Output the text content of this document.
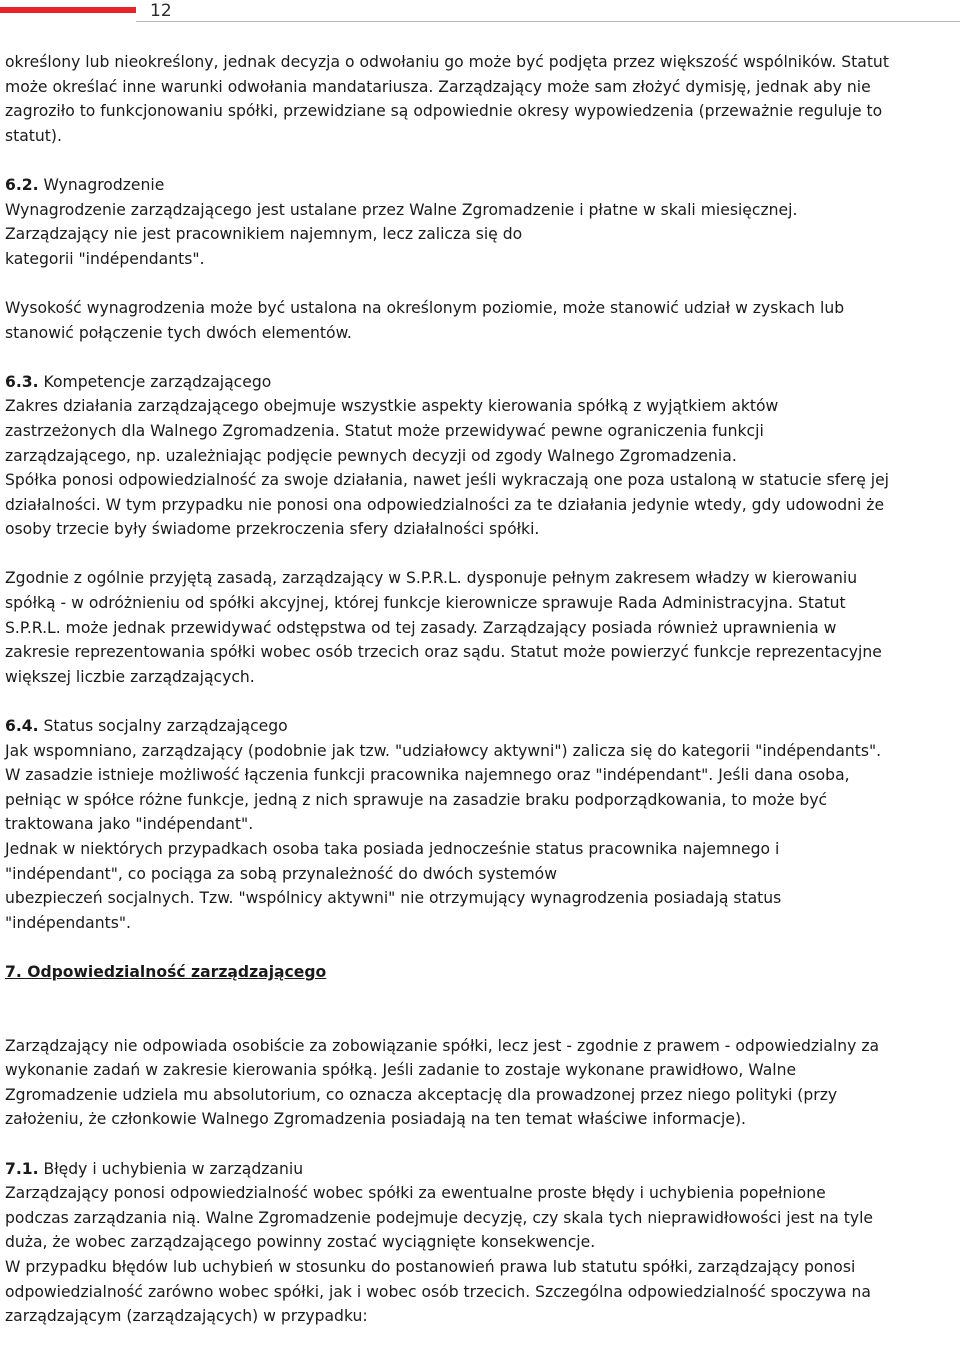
12
określony lub nieokreślony, jednak decyzja o odwołaniu go może być podjęta przez większość wspólników. Statut
może określać inne warunki odwołania mandatariusza. Zarządzający może sam złożyć dymisję, jednak aby nie
zagroziło to funkcjonowaniu spółki, przewidziane są odpowiednie okresy wypowiedzenia (przeważnie reguluje to
statut).
6.2. Wynagrodzenie
Wynagrodzenie zarządzającego jest ustalane przez Walne Zgromadzenie i płatne w skali miesięcznej.
Zarządzający nie jest pracownikiem najemnym, lecz zalicza się do
kategorii "indépendants".
Wysokość wynagrodzenia może być ustalona na określonym poziomie, może stanowić udział w zyskach lub
stanowić połączenie tych dwóch elementów.
6.3. Kompetencje zarządzającego
Zakres działania zarządzającego obejmuje wszystkie aspekty kierowania spółką z wyjątkiem aktów
zastrzeżonych dla Walnego Zgromadzenia. Statut może przewidywać pewne ograniczenia funkcji
zarządzającego, np. uzależniając podjęcie pewnych decyzji od zgody Walnego Zgromadzenia.
Spółka ponosi odpowiedzialność za swoje działania, nawet jeśli wykraczają one poza ustaloną w statucie sferę jej
działalności. W tym przypadku nie ponosi ona odpowiedzialności za te działania jedynie wtedy, gdy udowodni że
osoby trzecie były świadome przekroczenia sfery działalności spółki.
Zgodnie z ogólnie przyjętą zasadą, zarządzający w S.P.R.L. dysponuje pełnym zakresem władzy w kierowaniu
spółką - w odróżnieniu od spółki akcyjnej, której funkcje kierownicze sprawuje Rada Administracyjna. Statut
S.P.R.L. może jednak przewidywać odstępstwa od tej zasady. Zarządzający posiada również uprawnienia w
zakresie reprezentowania spółki wobec osób trzecich oraz sądu. Statut może powierzyć funkcje reprezentacyjne
większej liczbie zarządzających.
6.4. Status socjalny zarządzającego
Jak wspomniano, zarządzający (podobnie jak tzw. "udziałowcy aktywni") zalicza się do kategorii "indépendants".
W zasadzie istnieje możliwość łączenia funkcji pracownika najemnego oraz "indépendant". Jeśli dana osoba,
pełniąc w spółce różne funkcje, jedną z nich sprawuje na zasadzie braku podporządkowania, to może być
traktowana jako "indépendant".
Jednak w niektórych przypadkach osoba taka posiada jednocześnie status pracownika najemnego i
"indépendant", co pociąga za sobą przynależność do dwóch systemów
ubezpieczeń socjalnych. Tzw. "wspólnicy aktywni" nie otrzymujący wynagrodzenia posiadają status
"indépendants".
7. Odpowiedzialność zarządzającego
Zarządzający nie odpowiada osobiście za zobowiązanie spółki, lecz jest - zgodnie z prawem - odpowiedzialny za
wykonanie zadań w zakresie kierowania spółką. Jeśli zadanie to zostaje wykonane prawidłowo, Walne
Zgromadzenie udziela mu absolutorium, co oznacza akceptację dla prowadzonej przez niego polityki (przy
założeniu, że członkowie Walnego Zgromadzenia posiadają na ten temat właściwe informacje).
7.1. Błędy i uchybienia w zarządzaniu
Zarządzający ponosi odpowiedzialność wobec spółki za ewentualne proste błędy i uchybienia popełnione
podczas zarządzania nią. Walne Zgromadzenie podejmuje decyzję, czy skala tych nieprawidłowości jest na tyle
duża, że wobec zarządzającego powinny zostać wyciągnięte konsekwencje.
W przypadku błędów lub uchybień w stosunku do postanowień prawa lub statutu spółki, zarządzający ponosi
odpowiedzialność zarówno wobec spółki, jak i wobec osób trzecich. Szczególna odpowiedzialność spoczywa na
zarządzającym (zarządzających) w przypadku:
